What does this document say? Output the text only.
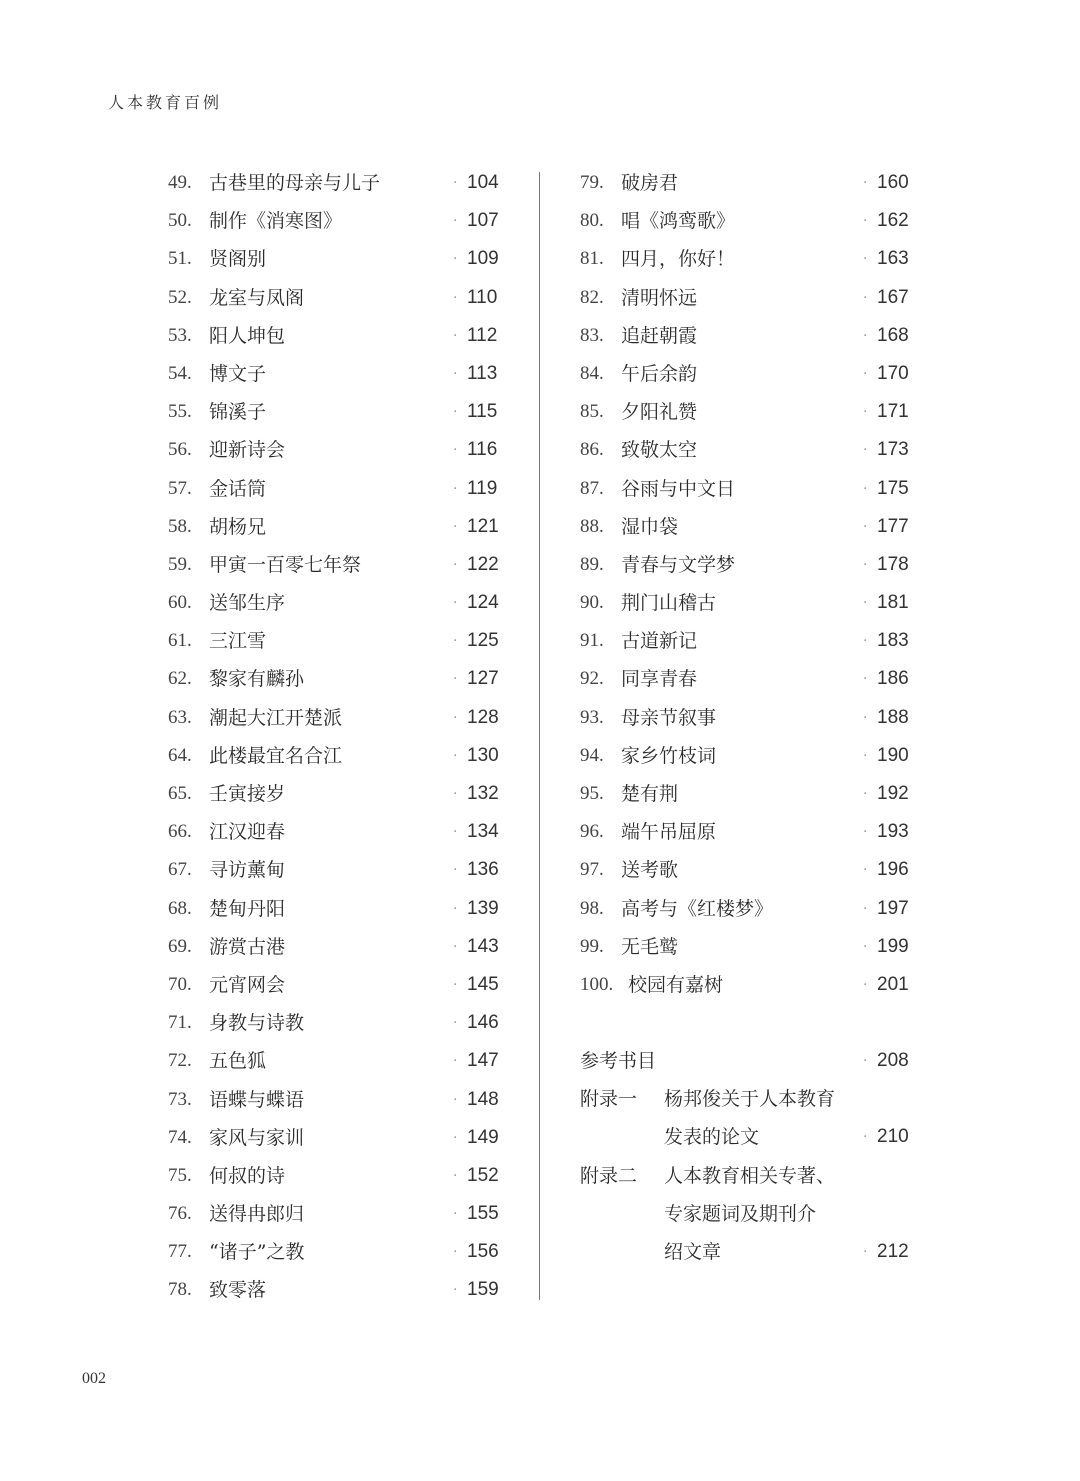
人本教育百例
49. 古巷里的母亲与儿子	· 104
50. 制作《消寒图》	· 107
51. 贤阁别	· 109
52. 龙室与凤阁	· 110
53. 阳人坤包	· 112
54. 博文子	· 113
55. 锦溪子	· 115
56. 迎新诗会	· 116
57. 金话筒	· 119
58. 胡杨兄	· 121
59. 甲寅一百零七年祭	· 122
60. 送邹生序	· 124
61. 三江雪	· 125
62. 黎家有麟孙	· 127
63. 潮起大江开楚派	· 128
64. 此楼最宜名合江	· 130
65. 壬寅接岁	· 132
66. 江汉迎春	· 134
67. 寻访薰甸	· 136
68. 楚甸丹阳	· 139
69. 游赏古港	· 143
70. 元宵网会	· 145
71. 身教与诗教	· 146
72. 五色狐	· 147
73. 语蝶与蝶语	· 148
74. 家风与家训	· 149
75. 何叔的诗	· 152
76. 送得冉郎归	· 155
77. “诸子”之教	· 156
78. 致零落	· 159
79. 破房君	· 160
80. 唱《鸿鸾歌》	· 162
81. 四月，你好！	· 163
82. 清明怀远	· 167
83. 追赶朝霞	· 168
84. 午后余韵	· 170
85. 夕阳礼赞	· 171
86. 致敬太空	· 173
87. 谷雨与中文日	· 175
88. 湿巾袋	· 177
89. 青春与文学梦	· 178
90. 荆门山稽古	· 181
91. 古道新记	· 183
92. 同享青春	· 186
93. 母亲节叙事	· 188
94. 家乡竹枝词	· 190
95. 楚有荆	· 192
96. 端午吊屈原	· 193
97. 送考歌	· 196
98. 高考与《红楼梦》	· 197
99. 无毛鹫	· 199
100. 校园有嘉树	· 201
参考书目	· 208
附录一 杨邦俊关于人本教育
发表的论文	· 210
附录二 人本教育相关专著、
专家题词及期刊介
绍文章	· 212
002
